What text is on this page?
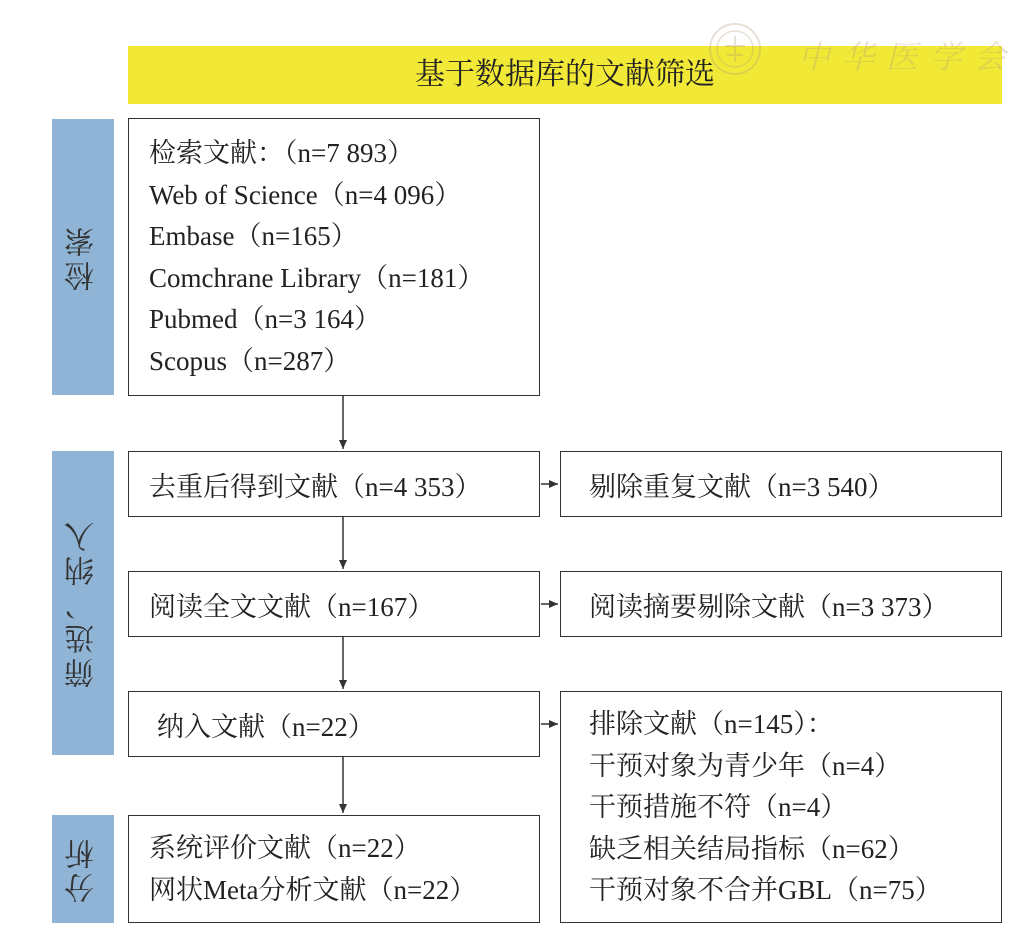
基于数据库的文献筛选	中华医学会
检索
筛选、纳入
分析
检索文献：（n=7 893）
Web of Science（n=4 096）
Embase（n=165）
Comchrane Library（n=181）
Pubmed（n=3 164）
Scopus（n=287）
去重后得到文献（n=4 353）	剔除重复文献（n=3 540）
阅读全文文献（n=167）	阅读摘要剔除文献（n=3 373）
纳入文献（n=22）	排除文献（n=145）：
干预对象为青少年（n=4）
干预措施不符（n=4）
缺乏相关结局指标（n=62）
干预对象不合并GBL（n=75）
系统评价文献（n=22）
网状Meta分析文献（n=22）
